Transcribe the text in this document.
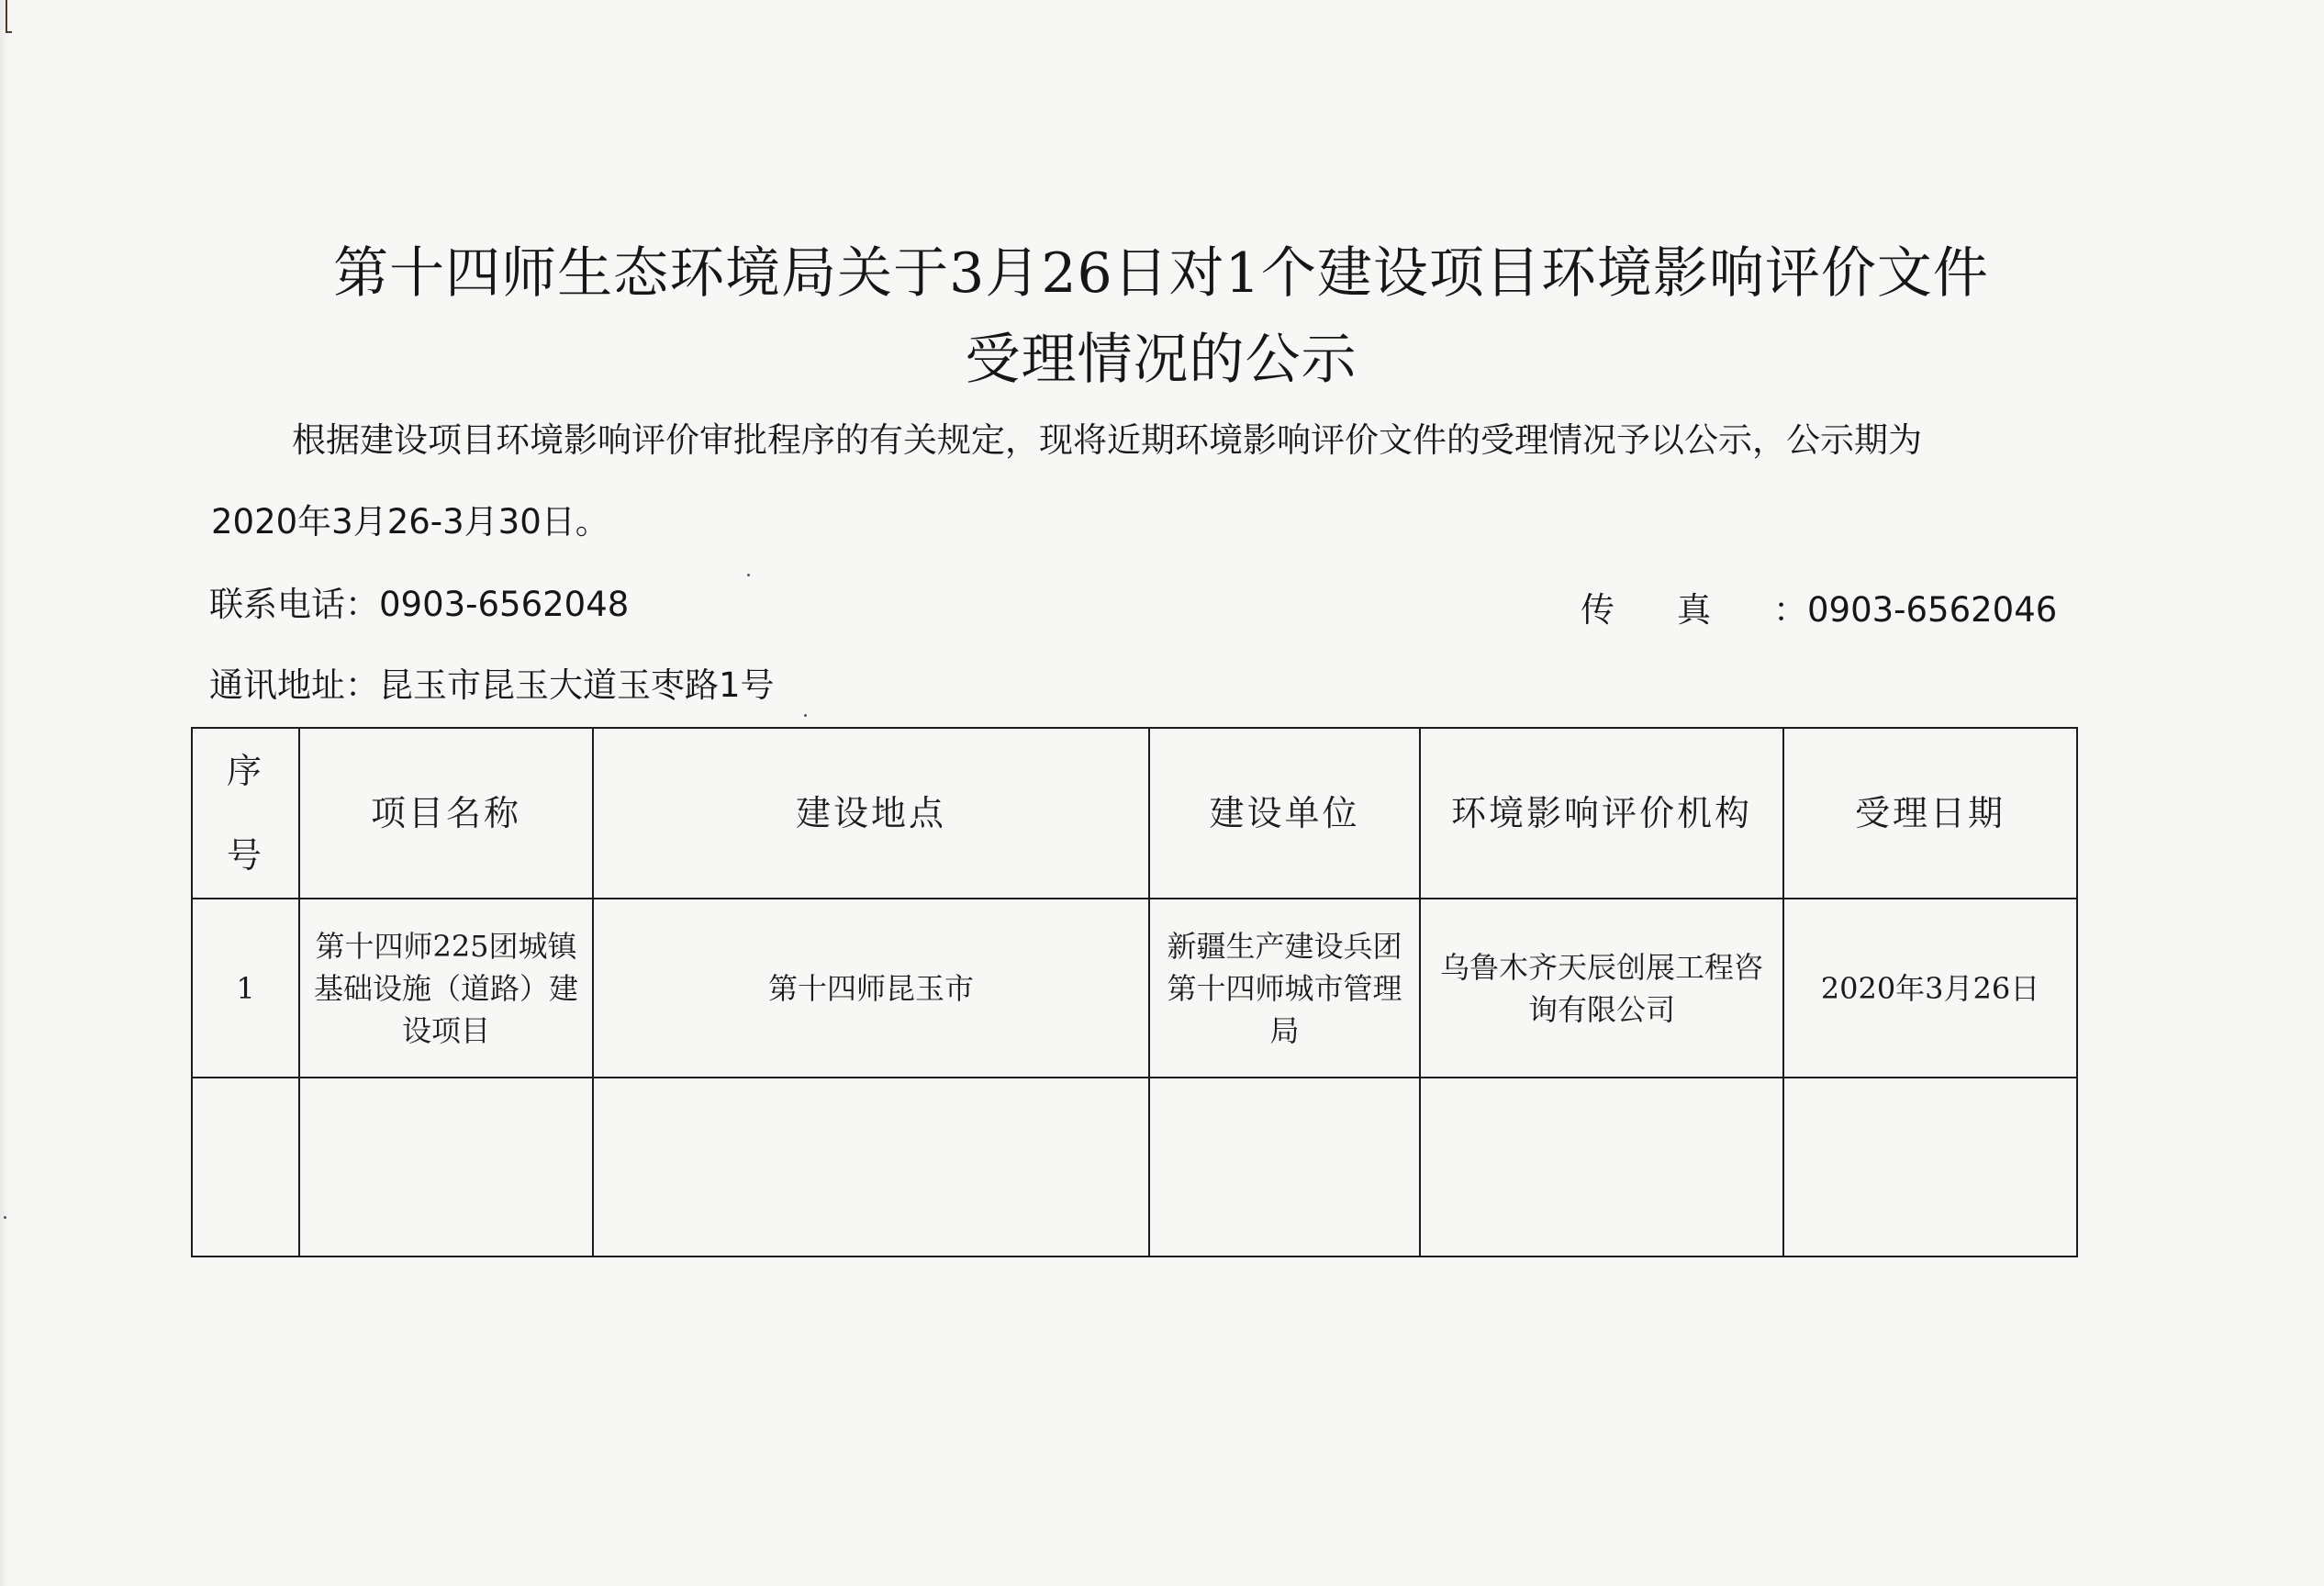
第十四师生态环境局关于3月26日对1个建设项目环境影响评价文件
受理情况的公示
根据建设项目环境影响评价审批程序的有关规定，现将近期环境影响评价文件的受理情况予以公示，公示期为
2020年3月26-3月30日。
联系电话：0903-6562048	传真：0903-6562046
通讯地址：昆玉市昆玉大道玉枣路1号
序
号	项目名称	建设地点	建设单位	环境影响评价机构	受理日期
1	第十四师225团城镇基础设施（道路）建设项目	第十四师昆玉市	新疆生产建设兵团第十四师城市管理局	乌鲁木齐天辰创展工程咨询有限公司	2020年3月26日
